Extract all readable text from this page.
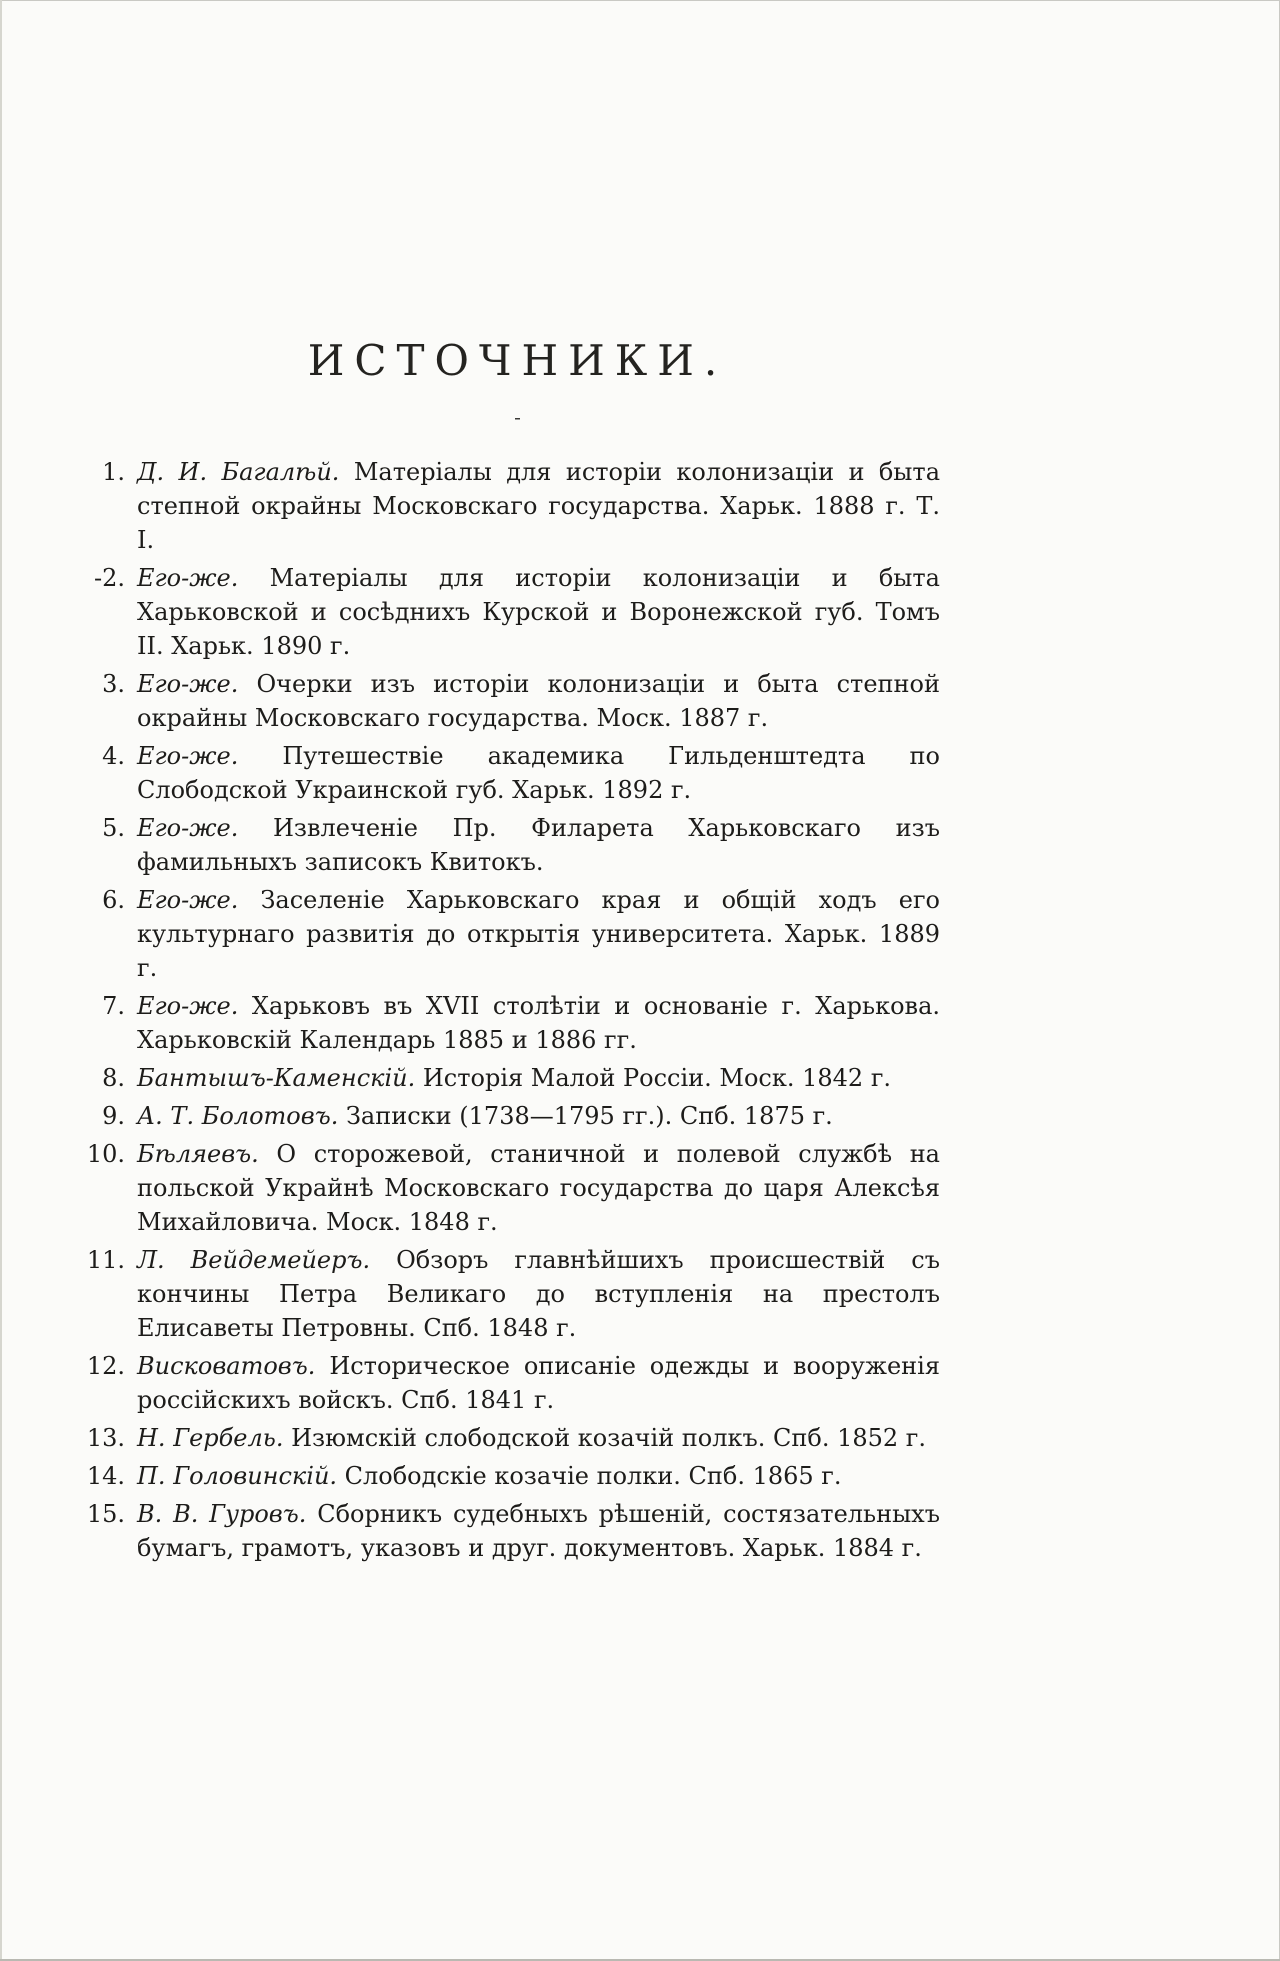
ИСТОЧНИКИ.
-
1. Д. И. Багалѣй. Матеріалы для исторіи колонизаціи и быта степной окрайны Московскаго государства. Харьк. 1888 г. Т. I.
-2. Его-же. Матеріалы для исторіи колонизаціи и быта Харьковской и сосѣднихъ Курской и Воронежской губ. Томъ II. Харьк. 1890 г.
3. Его-же. Очерки изъ исторіи колонизаціи и быта степной окрайны Московскаго государства. Моск. 1887 г.
4. Его-же. Путешествіе академика Гильденштедта по Слободской Украинской губ. Харьк. 1892 г.
5. Его-же. Извлеченіе Пр. Филарета Харьковскаго изъ фамильныхъ записокъ Квитокъ.
6. Его-же. Заселеніе Харьковскаго края и общій ходъ его культурнаго развитія до открытія университета. Харьк. 1889 г.
7. Его-же. Харьковъ въ XVII столѣтіи и основаніе г. Харькова. Харьковскій Календарь 1885 и 1886 гг.
8. Бантышъ-Каменскій. Исторія Малой Россіи. Моск. 1842 г.
9. А. Т. Болотовъ. Записки (1738—1795 гг.). Спб. 1875 г.
10. Бѣляевъ. О сторожевой, станичной и полевой службѣ на польской Украйнѣ Московскаго государства до царя Алексѣя Михайловича. Моск. 1848 г.
11. Л. Вейдемейеръ. Обзоръ главнѣйшихъ происшествій съ кончины Петра Великаго до вступленія на престолъ Елисаветы Петровны. Спб. 1848 г.
12. Висковатовъ. Историческое описаніе одежды и вооруженія россійскихъ войскъ. Спб. 1841 г.
13. Н. Гербель. Изюмскій слободской козачій полкъ. Спб. 1852 г.
14. П. Головинскій. Слободскіе козачіе полки. Спб. 1865 г.
15. В. В. Гуровъ. Сборникъ судебныхъ рѣшеній, состязательныхъ бумагъ, грамотъ, указовъ и друг. документовъ. Харьк. 1884 г.
